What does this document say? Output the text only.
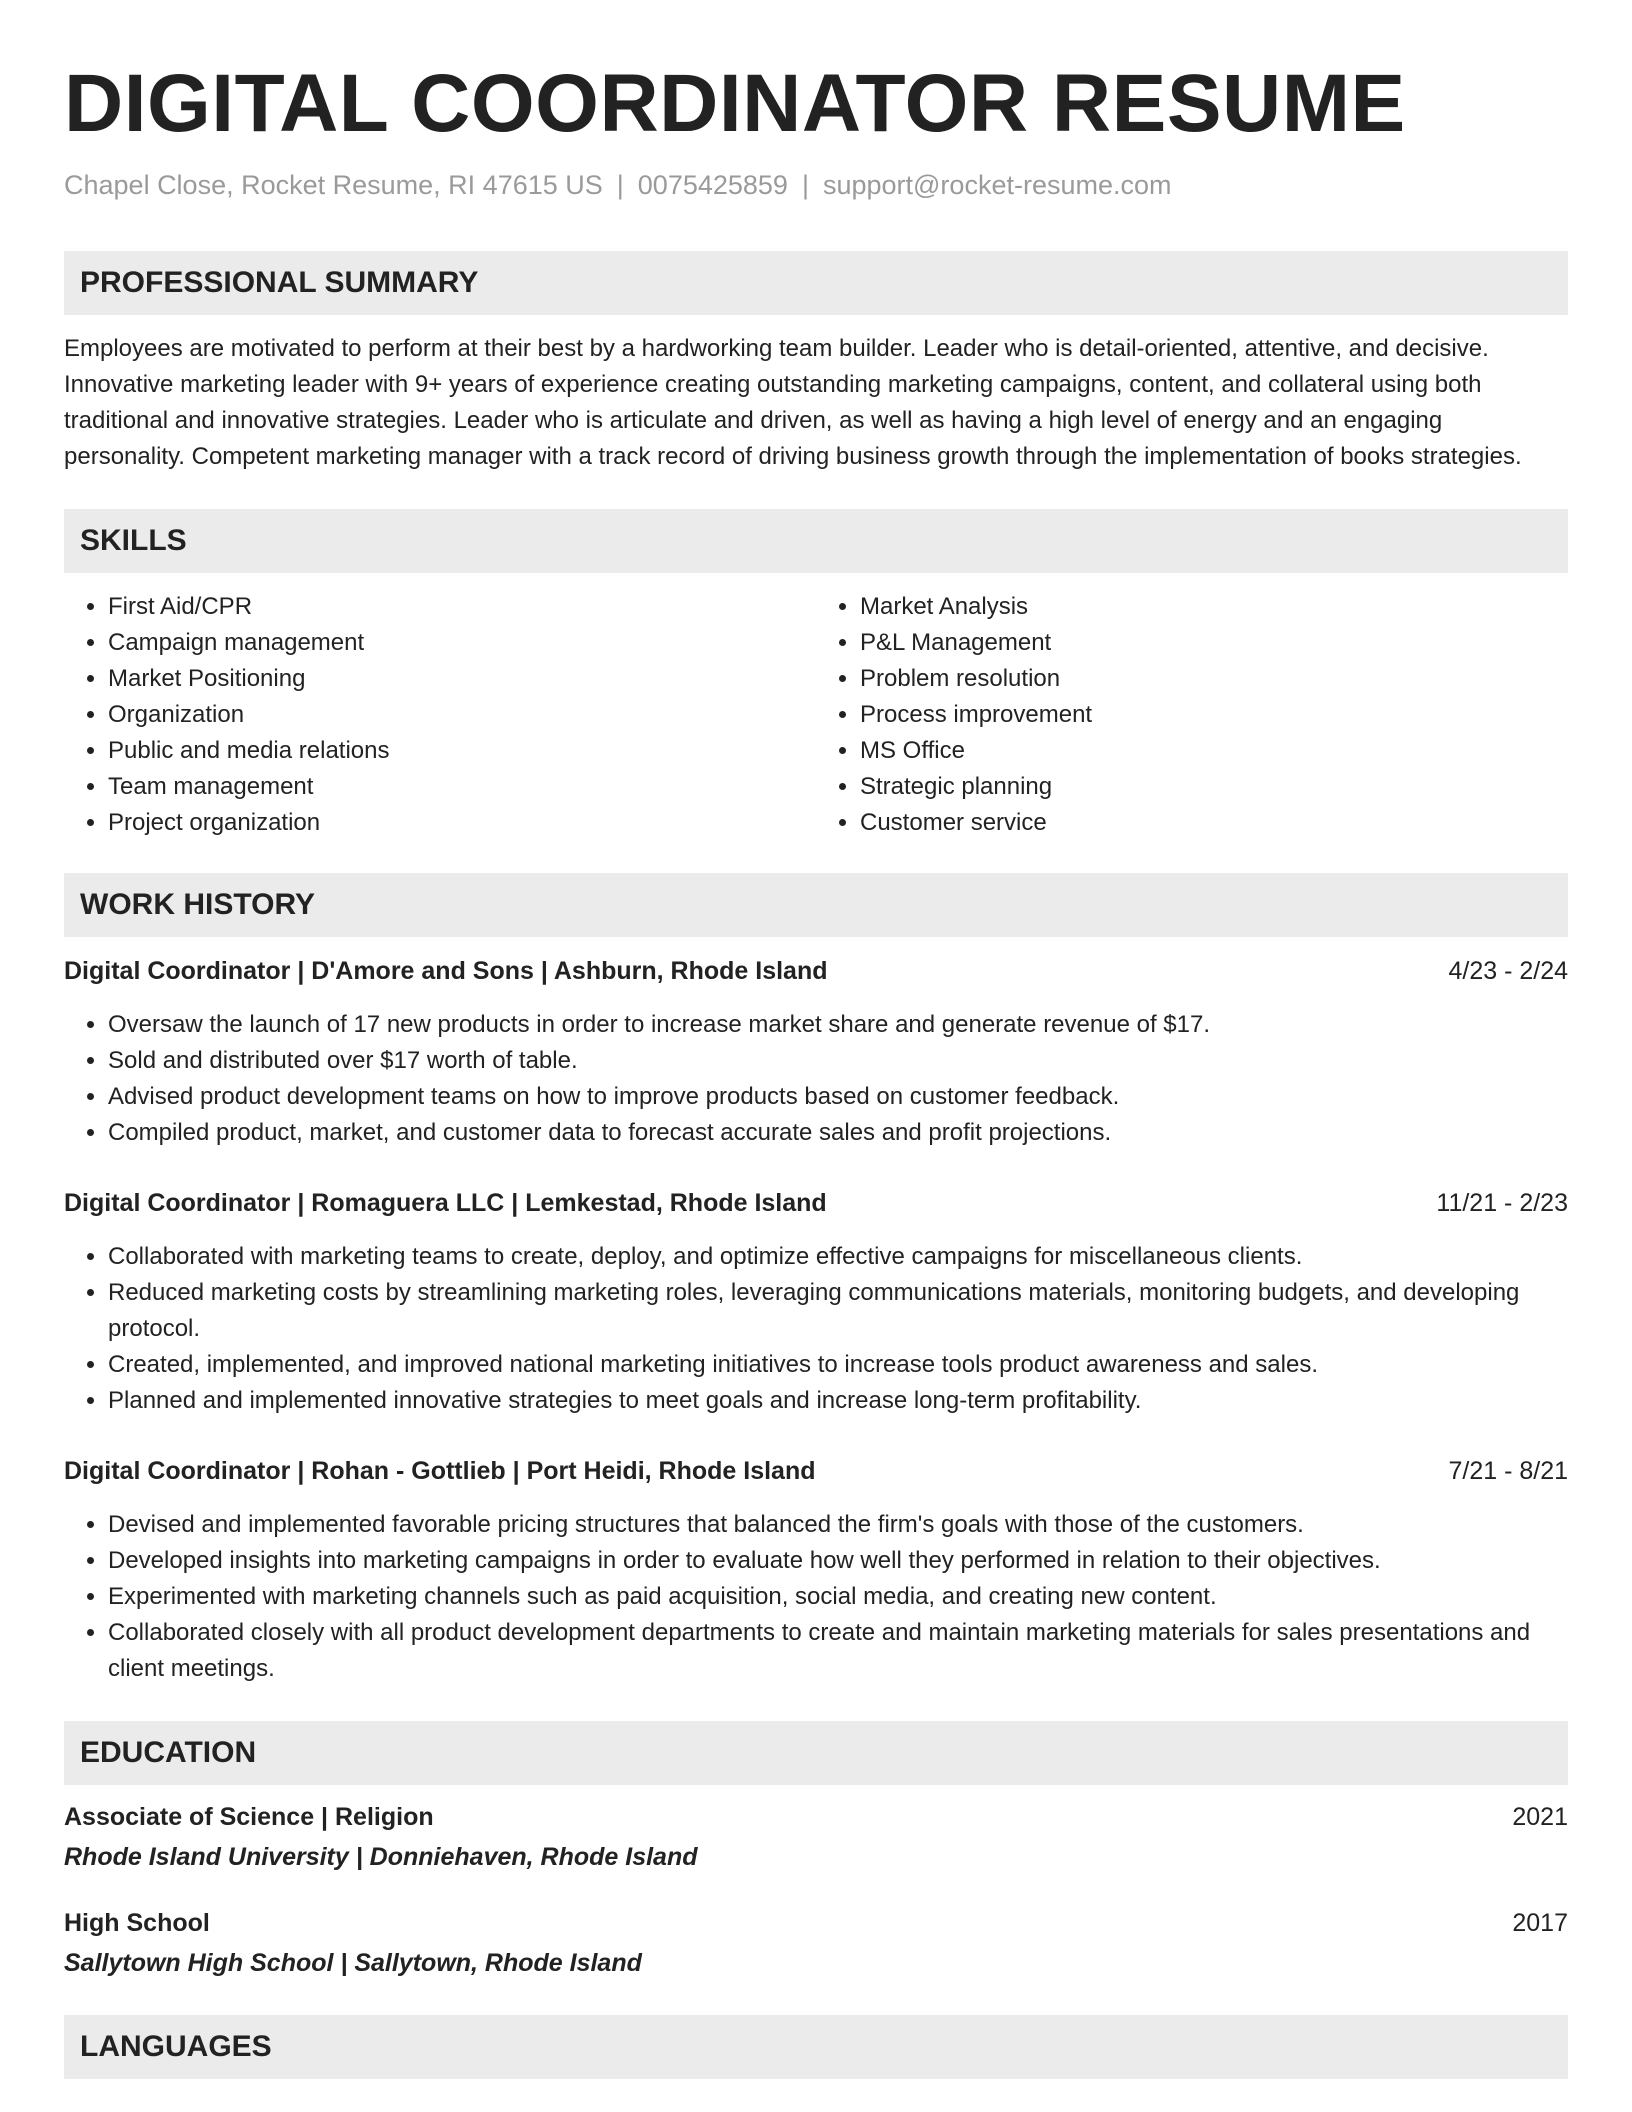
DIGITAL COORDINATOR RESUME
Chapel Close, Rocket Resume, RI 47615 US | 0075425859 | support@rocket-resume.com
PROFESSIONAL SUMMARY
Employees are motivated to perform at their best by a hardworking team builder. Leader who is detail-oriented, attentive, and decisive. Innovative marketing leader with 9+ years of experience creating outstanding marketing campaigns, content, and collateral using both traditional and innovative strategies. Leader who is articulate and driven, as well as having a high level of energy and an engaging personality. Competent marketing manager with a track record of driving business growth through the implementation of books strategies.
SKILLS
• First Aid/CPR
• Campaign management
• Market Positioning
• Organization
• Public and media relations
• Team management
• Project organization
• Market Analysis
• P&L Management
• Problem resolution
• Process improvement
• MS Office
• Strategic planning
• Customer service
WORK HISTORY
Digital Coordinator | D'Amore and Sons | Ashburn, Rhode Island	4/23 - 2/24
• Oversaw the launch of 17 new products in order to increase market share and generate revenue of $17.
• Sold and distributed over $17 worth of table.
• Advised product development teams on how to improve products based on customer feedback.
• Compiled product, market, and customer data to forecast accurate sales and profit projections.
Digital Coordinator | Romaguera LLC | Lemkestad, Rhode Island	11/21 - 2/23
• Collaborated with marketing teams to create, deploy, and optimize effective campaigns for miscellaneous clients.
• Reduced marketing costs by streamlining marketing roles, leveraging communications materials, monitoring budgets, and developing protocol.
• Created, implemented, and improved national marketing initiatives to increase tools product awareness and sales.
• Planned and implemented innovative strategies to meet goals and increase long-term profitability.
Digital Coordinator | Rohan - Gottlieb | Port Heidi, Rhode Island	7/21 - 8/21
• Devised and implemented favorable pricing structures that balanced the firm's goals with those of the customers.
• Developed insights into marketing campaigns in order to evaluate how well they performed in relation to their objectives.
• Experimented with marketing channels such as paid acquisition, social media, and creating new content.
• Collaborated closely with all product development departments to create and maintain marketing materials for sales presentations and client meetings.
EDUCATION
Associate of Science | Religion	2021
Rhode Island University | Donniehaven, Rhode Island
High School	2017
Sallytown High School | Sallytown, Rhode Island
LANGUAGES
